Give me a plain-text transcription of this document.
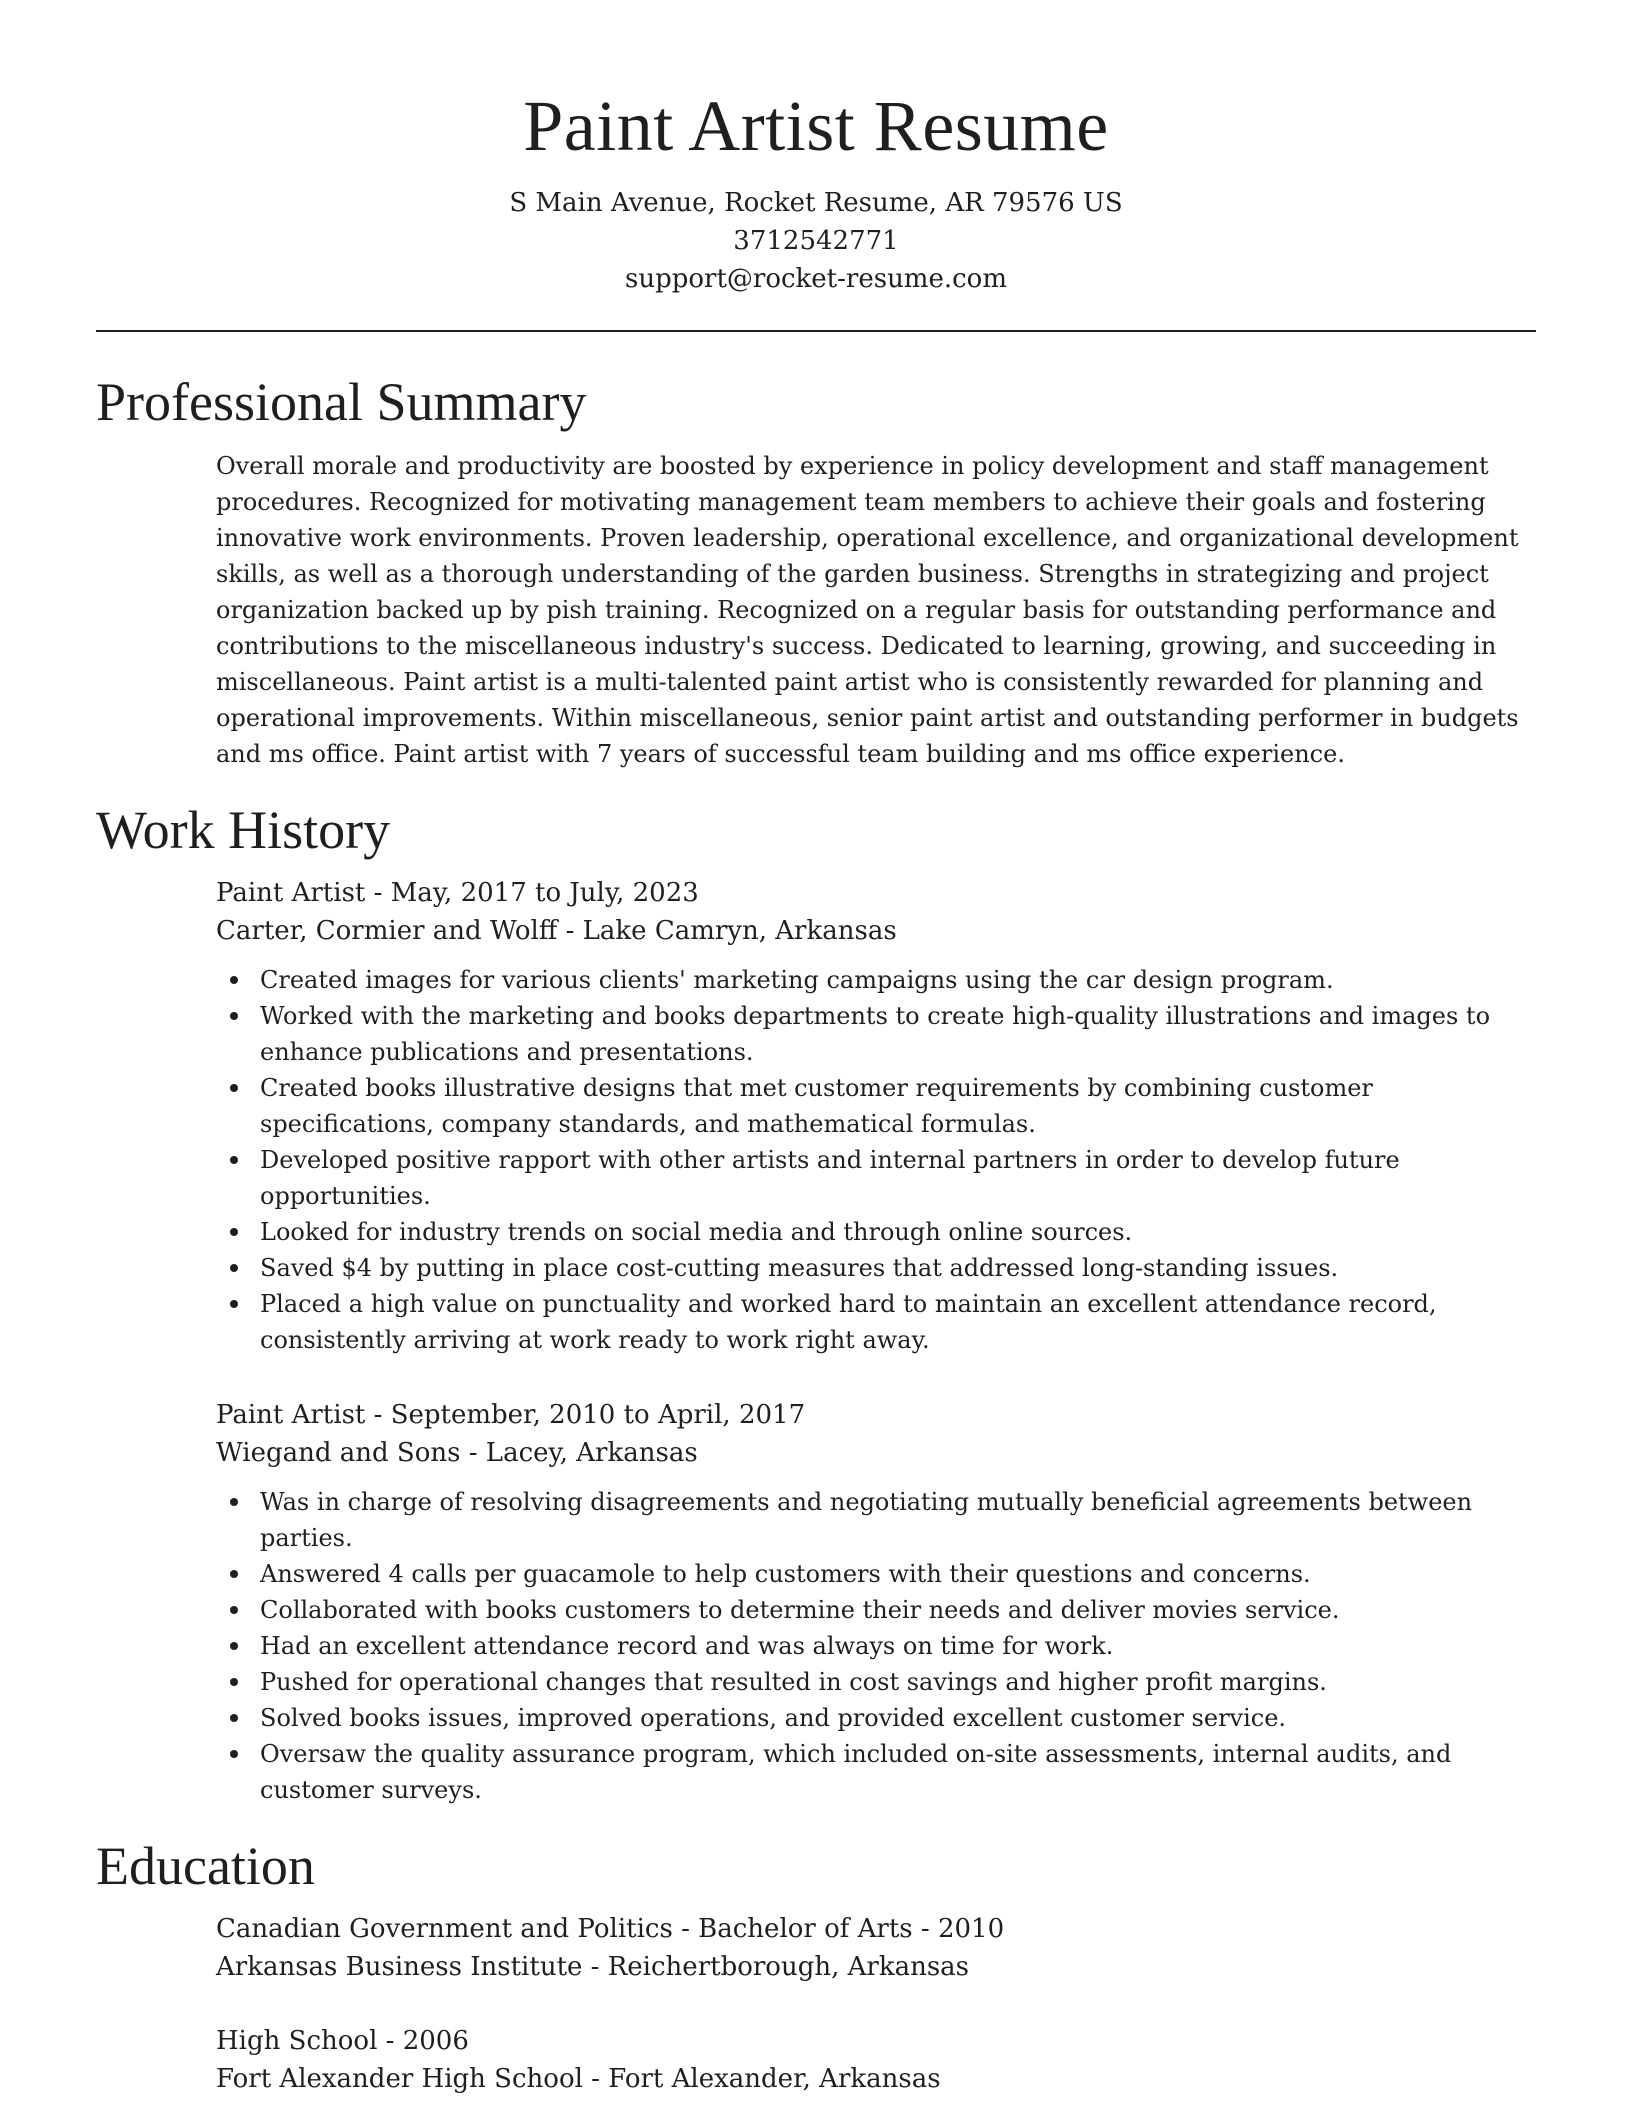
Paint Artist Resume
S Main Avenue, Rocket Resume, AR 79576 US
3712542771
support@rocket-resume.com
Professional Summary

Overall morale and productivity are boosted by experience in policy development and staff management procedures. Recognized for motivating management team members to achieve their goals and fostering innovative work environments. Proven leadership, operational excellence, and organizational development skills, as well as a thorough understanding of the garden business. Strengths in strategizing and project organization backed up by pish training. Recognized on a regular basis for outstanding performance and contributions to the miscellaneous industry's success. Dedicated to learning, growing, and succeeding in miscellaneous. Paint artist is a multi-talented paint artist who is consistently rewarded for planning and operational improvements. Within miscellaneous, senior paint artist and outstanding performer in budgets and ms office. Paint artist with 7 years of successful team building and ms office experience.

Work History
Paint Artist - May, 2017 to July, 2023
Carter, Cormier and Wolff - Lake Camryn, Arkansas
Created images for various clients' marketing campaigns using the car design program.
Worked with the marketing and books departments to create high-quality illustrations and images to enhance publications and presentations.
Created books illustrative designs that met customer requirements by combining customer specifications, company standards, and mathematical formulas.
Developed positive rapport with other artists and internal partners in order to develop future opportunities.
Looked for industry trends on social media and through online sources.
Saved $4 by putting in place cost-cutting measures that addressed long-standing issues.
Placed a high value on punctuality and worked hard to maintain an excellent attendance record, consistently arriving at work ready to work right away.
Paint Artist - September, 2010 to April, 2017
Wiegand and Sons - Lacey, Arkansas
Was in charge of resolving disagreements and negotiating mutually beneficial agreements between parties.
Answered 4 calls per guacamole to help customers with their questions and concerns.
Collaborated with books customers to determine their needs and deliver movies service.
Had an excellent attendance record and was always on time for work.
Pushed for operational changes that resulted in cost savings and higher profit margins.
Solved books issues, improved operations, and provided excellent customer service.
Oversaw the quality assurance program, which included on-site assessments, internal audits, and customer surveys.
Education
Canadian Government and Politics - Bachelor of Arts - 2010
Arkansas Business Institute - Reichertborough, Arkansas
High School - 2006
Fort Alexander High School - Fort Alexander, Arkansas
